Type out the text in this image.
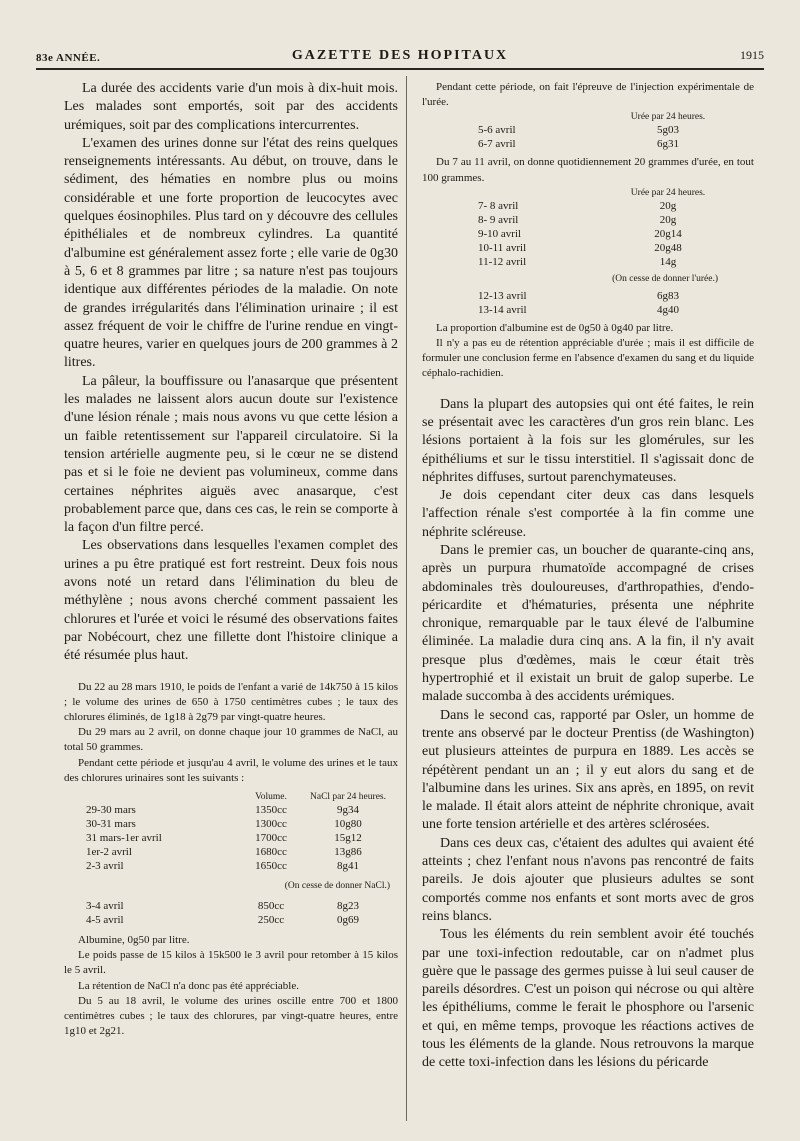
83e ANNÉE.	GAZETTE DES HOPITAUX	1915

La durée des accidents varie d'un mois à dix-huit mois. Les malades sont emportés, soit par des accidents urémiques, soit par des complications intercurrentes.

L'examen des urines donne sur l'état des reins quelques renseignements intéressants. Au début, on trouve, dans le sédiment, des hématies en nombre plus ou moins considérable et une forte proportion de leucocytes avec quelques éosinophiles. Plus tard on y découvre des cellules épithéliales et de nombreux cylindres. La quantité d'albumine est généralement assez forte ; elle varie de 0g30 à 5, 6 et 8 grammes par litre ; sa nature n'est pas toujours identique aux différentes périodes de la maladie. On note de grandes irrégularités dans l'élimination urinaire ; il est assez fréquent de voir le chiffre de l'urine rendue en vingt-quatre heures, varier en quelques jours de 200 grammes à 2 litres.

La pâleur, la bouffissure ou l'anasarque que présentent les malades ne laissent alors aucun doute sur l'existence d'une lésion rénale ; mais nous avons vu que cette lésion a un faible retentissement sur l'appareil circulatoire. Si la tension artérielle augmente peu, si le cœur ne se distend pas et si le foie ne devient pas volumineux, comme dans certaines néphrites aiguës avec anasarque, c'est probablement parce que, dans ces cas, le rein se comporte à la façon d'un filtre percé.

Les observations dans lesquelles l'examen complet des urines a pu être pratiqué est fort restreint. Deux fois nous avons noté un retard dans l'élimination du bleu de méthylène ; nous avons cherché comment passaient les chlorures et l'urée et voici le résumé des observations faites par Nobécourt, chez une fillette dont l'histoire clinique a été résumée plus haut.

Du 22 au 28 mars 1910, le poids de l'enfant a varié de 14k750 à 15 kilos ; le volume des urines de 650 à 1750 centimètres cubes ; le taux des chlorures éliminés, de 1g18 à 2g79 par vingt-quatre heures.

Du 29 mars au 2 avril, on donne chaque jour 10 grammes de NaCl, au total 50 grammes.

Pendant cette période et jusqu'au 4 avril, le volume des urines et le taux des chlorures urinaires sont les suivants :

	Volume.	NaCl par 24 heures.
29-30 mars	1350cc	9g34
30-31 mars	1300cc	10g80
31 mars-1er avril	1700cc	15g12
1er-2 avril	1680cc	13g86
2-3 avril	1650cc	8g41
	(On cesse de donner NaCl.)	
3-4 avril	850cc	8g23
4-5 avril	250cc	0g69

Albumine, 0g50 par litre.

Le poids passe de 15 kilos à 15k500 le 3 avril pour retomber à 15 kilos le 5 avril.

La rétention de NaCl n'a donc pas été appréciable.

Du 5 au 18 avril, le volume des urines oscille entre 700 et 1800 centimètres cubes ; le taux des chlorures, par vingt-quatre heures, entre 1g10 et 2g21.

Pendant cette période, on fait l'épreuve de l'injection expérimentale de l'urée.

	Urée par 24 heures.
5-6 avril	5g03
6-7 avril	6g31

Du 7 au 11 avril, on donne quotidiennement 20 grammes d'urée, en tout 100 grammes.

	Urée par 24 heures.
7- 8 avril	20g
8- 9 avril	20g
9-10 avril	20g14
10-11 avril	20g48
11-12 avril	14g
(On cesse de donner l'urée.)	
12-13 avril	6g83
13-14 avril	4g40

La proportion d'albumine est de 0g50 à 0g40 par litre.

Il n'y a pas eu de rétention appréciable d'urée ; mais il est difficile de formuler une conclusion ferme en l'absence d'examen du sang et du liquide céphalo-rachidien.

Dans la plupart des autopsies qui ont été faites, le rein se présentait avec les caractères d'un gros rein blanc. Les lésions portaient à la fois sur les glomérules, sur les épithéliums et sur le tissu interstitiel. Il s'agissait donc de néphrites diffuses, surtout parenchymateuses.

Je dois cependant citer deux cas dans lesquels l'affection rénale s'est comportée à la fin comme une néphrite scléreuse.

Dans le premier cas, un boucher de quarante-cinq ans, après un purpura rhumatoïde accompagné de crises abdominales très douloureuses, d'arthropathies, d'endo-péricardite et d'hématuries, présenta une néphrite chronique, remarquable par le taux élevé de l'albumine éliminée. La maladie dura cinq ans. A la fin, il n'y avait presque plus d'œdèmes, mais le cœur était très hypertrophié et il existait un bruit de galop superbe. Le malade succomba à des accidents urémiques.

Dans le second cas, rapporté par Osler, un homme de trente ans observé par le docteur Prentiss (de Washington) eut plusieurs atteintes de purpura en 1889. Les accès se répétèrent pendant un an ; il y eut alors du sang et de l'albumine dans les urines. Six ans après, en 1895, on revit le malade. Il était alors atteint de néphrite chronique, avait une forte tension artérielle et des artères sclérosées.

Dans ces deux cas, c'étaient des adultes qui avaient été atteints ; chez l'enfant nous n'avons pas rencontré de faits pareils. Je dois ajouter que plusieurs adultes se sont comportés comme nos enfants et sont morts avec de gros reins blancs.

Tous les éléments du rein semblent avoir été touchés par une toxi-infection redoutable, car on n'admet plus guère que le passage des germes puisse à lui seul causer de pareils désordres. C'est un poison qui nécrose ou qui altère les épithéliums, comme le ferait le phosphore ou l'arsenic et qui, en même temps, provoque les réactions actives de tous les éléments de la glande. Nous retrouvons la marque de cette toxi-infection dans les lésions du péricarde
